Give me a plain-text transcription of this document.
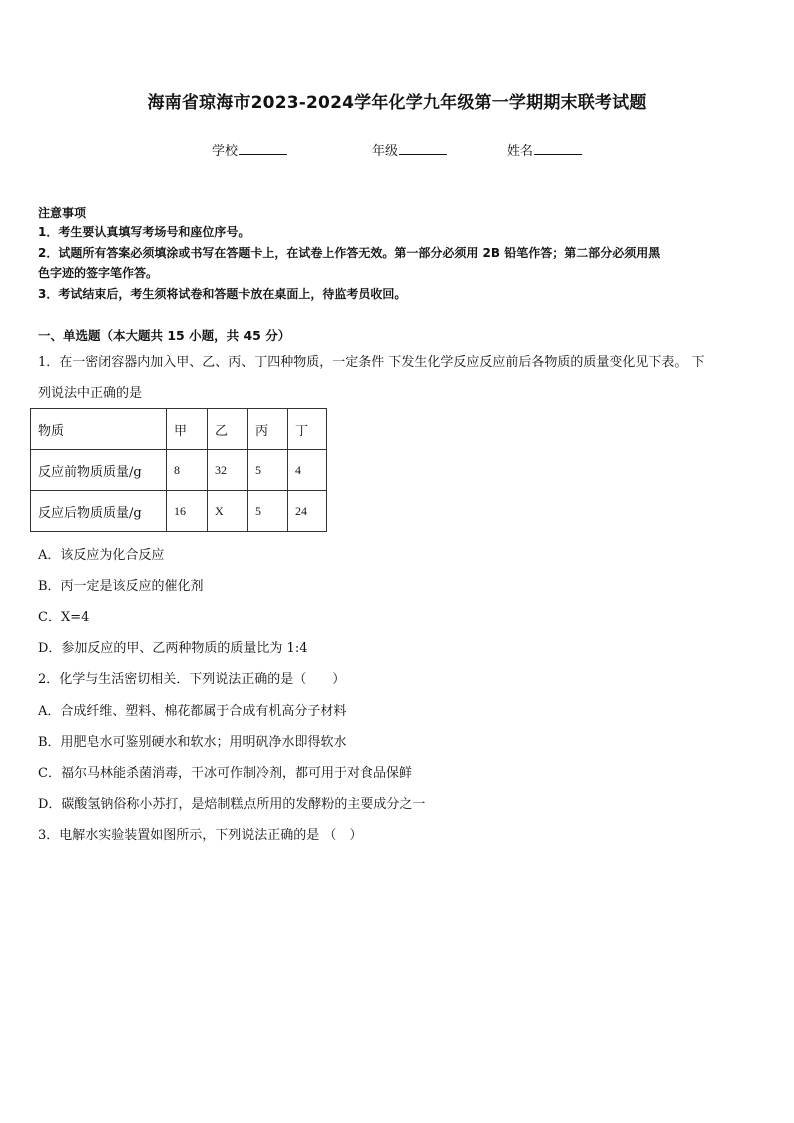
海南省琼海市2023-2024学年化学九年级第一学期期末联考试题
学校	年级	姓名
注意事项
1．考生要认真填写考场号和座位序号。
2．试题所有答案必须填涂或书写在答题卡上，在试卷上作答无效。第一部分必须用 2B 铅笔作答；第二部分必须用黑
色字迹的签字笔作答。
3．考试结束后，考生须将试卷和答题卡放在桌面上，待监考员收回。
一、单选题（本大题共 15 小题，共 45 分）
1．在一密闭容器内加入甲、乙、丙、丁四种物质，一定条件 下发生化学反应反应前后各物质的质量变化见下表。 下
列说法中正确的是
物质	甲	乙	丙	丁
反应前物质质量/g	8	32	5	4
反应后物质质量/g	16	X	5	24
A．该反应为化合反应
B．丙一定是该反应的催化剂
C．X=4
D．参加反应的甲、乙两种物质的质量比为 1:4
2．化学与生活密切相关．下列说法正确的是（　　）
A．合成纤维、塑料、棉花都属于合成有机高分子材料
B．用肥皂水可鉴别硬水和软水；用明矾净水即得软水
C．福尔马林能杀菌消毒，干冰可作制冷剂，都可用于对食品保鲜
D．碳酸氢钠俗称小苏打，是焙制糕点所用的发酵粉的主要成分之一
3．电解水实验装置如图所示，下列说法正确的是 （　）
